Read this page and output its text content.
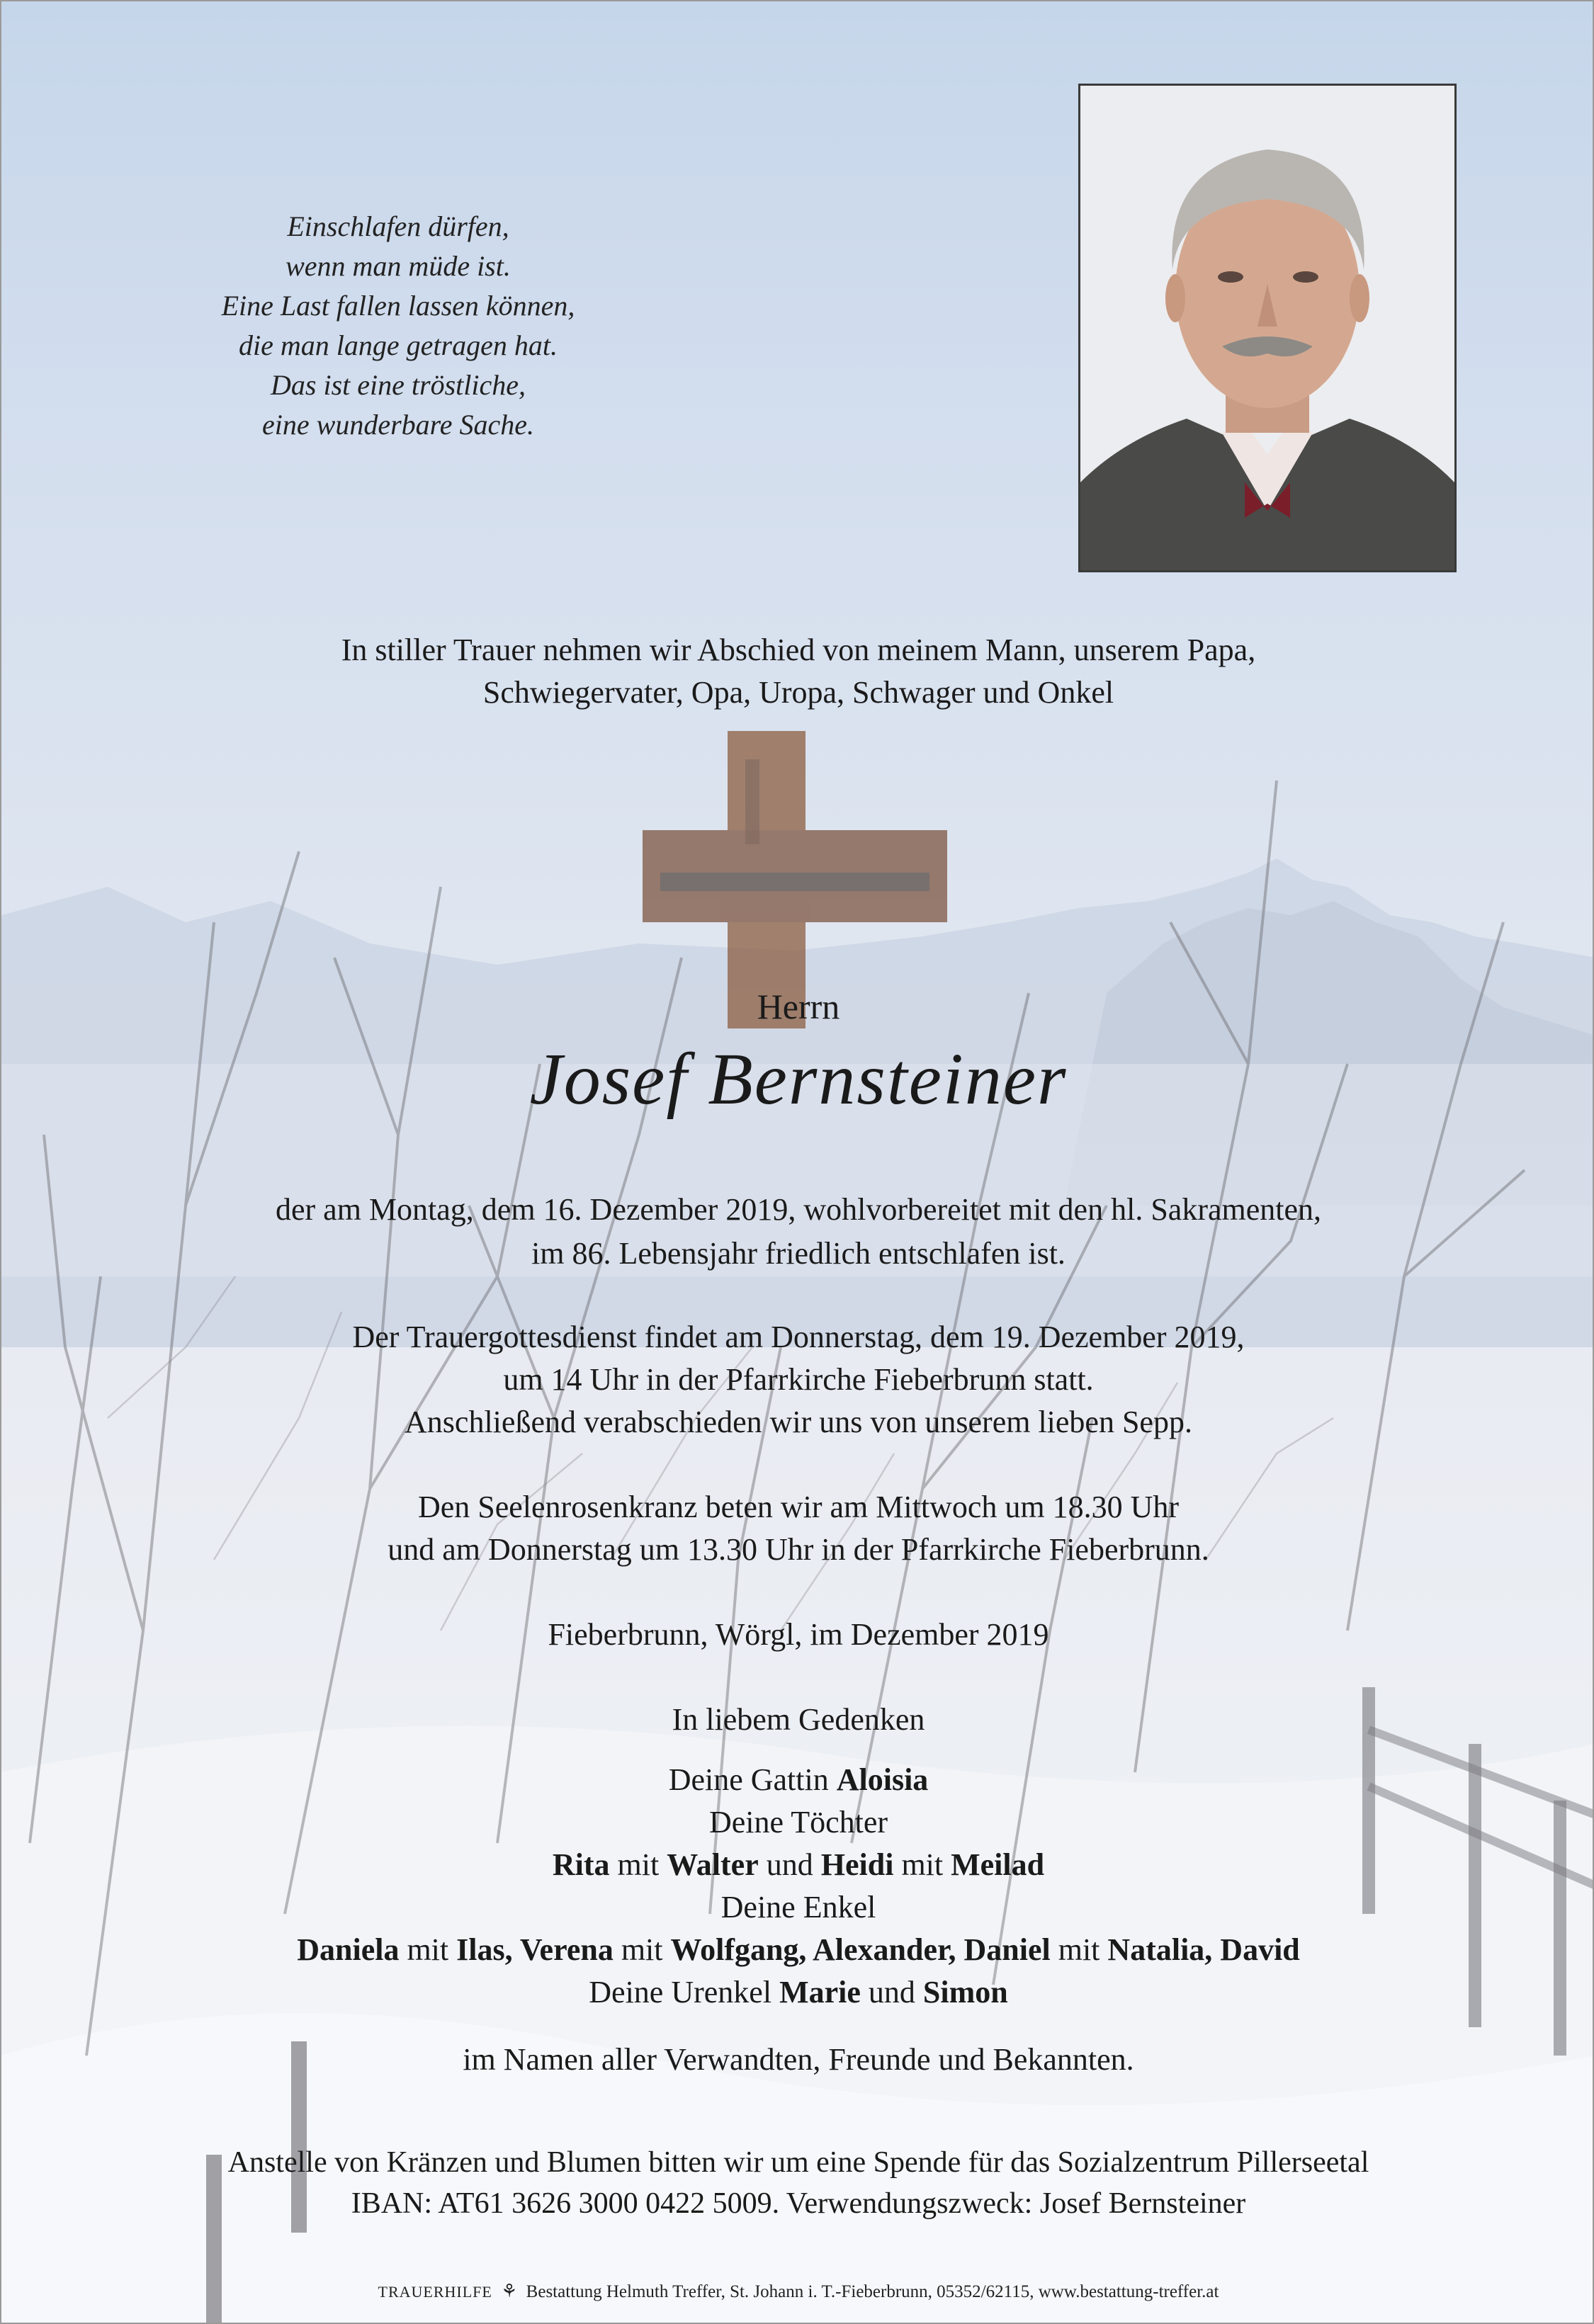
Einschlafen dürfen,
wenn man müde ist.
Eine Last fallen lassen können,
die man lange getragen hat.
Das ist eine tröstliche,
eine wunderbare Sache.
In stiller Trauer nehmen wir Abschied von meinem Mann, unserem Papa,
Schwiegervater, Opa, Uropa, Schwager und Onkel
Herrn
Josef Bernsteiner
der am Montag, dem 16. Dezember 2019, wohlvorbereitet mit den hl. Sakramenten,
im 86. Lebensjahr friedlich entschlafen ist.
Der Trauergottesdienst findet am Donnerstag, dem 19. Dezember 2019,
um 14 Uhr in der Pfarrkirche Fieberbrunn statt.
Anschließend verabschieden wir uns von unserem lieben Sepp.
Den Seelenrosenkranz beten wir am Mittwoch um 18.30 Uhr
und am Donnerstag um 13.30 Uhr in der Pfarrkirche Fieberbrunn.
Fieberbrunn, Wörgl, im Dezember 2019
In liebem Gedenken
Deine Gattin Aloisia
Deine Töchter
Rita mit Walter und Heidi mit Meilad
Deine Enkel
Daniela mit Ilas, Verena mit Wolfgang, Alexander, Daniel mit Natalia, David
Deine Urenkel Marie und Simon
im Namen aller Verwandten, Freunde und Bekannten.
Anstelle von Kränzen und Blumen bitten wir um eine Spende für das Sozialzentrum Pillerseetal
IBAN: AT61 3626 3000 0422 5009. Verwendungszweck: Josef Bernsteiner
TRAUERHILFE ⚘ Bestattung Helmuth Treffer, St. Johann i. T.-Fieberbrunn, 05352/62115, www.bestattung-treffer.at
